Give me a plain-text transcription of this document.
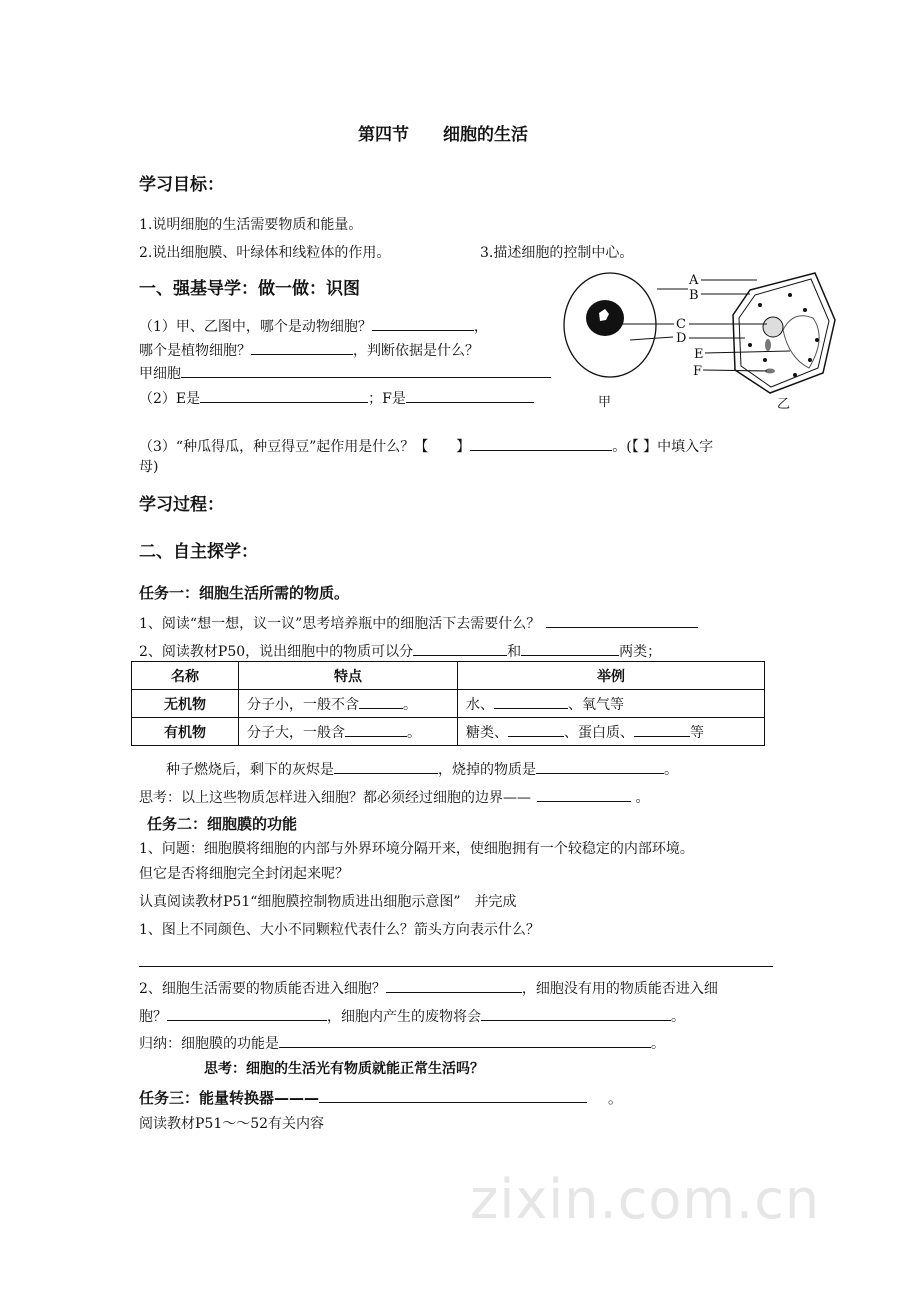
zixin.com.cn
第四节　　细胞的生活
学习目标：
1.说明细胞的生活需要物质和能量。
2.说出细胞膜、叶绿体和线粒体的作用。	3.描述细胞的控制中心。
一、强基导学：做一做：识图
（1）甲、乙图中，哪个是动物细胞？	，
哪个是植物细胞？	，判断依据是什么？
甲细胞
（2）E是	；F是
（3）“种瓜得瓜，种豆得豆”起作用是什么？【　　】	。(【 】中填入字
母)
A
B
C
D
E
F
甲	乙
学习过程：
二、自主探学：
任务一：细胞生活所需的物质。
1、阅读“想一想，议一议”思考培养瓶中的细胞活下去需要什么？
2、阅读教材P50，说出细胞中的物质可以分	和	两类；
名称	特点	举例
无机物	分子小，一般不含 。	水、 、氧气等
有机物	分子大，一般含 。	糖类、 、蛋白质、 等
种子燃烧后，剩下的灰烬是	，烧掉的物质是	。
思考：以上这些物质怎样进入细胞？都必须经过细胞的边界——	。
任务二：细胞膜的功能
1、问题：细胞膜将细胞的内部与外界环境分隔开来，使细胞拥有一个较稳定的内部环境。
但它是否将细胞完全封闭起来呢？
认真阅读教材P51“细胞膜控制物质进出细胞示意图”　并完成
1、图上不同颜色、大小不同颗粒代表什么？箭头方向表示什么？
2、细胞生活需要的物质能否进入细胞？	，细胞没有用的物质能否进入细
胞？	，细胞内产生的废物将会	。
归纳：细胞膜的功能是	。
思考：细胞的生活光有物质就能正常生活吗？
任务三：能量转换器———	。
阅读教材P51～～52有关内容
